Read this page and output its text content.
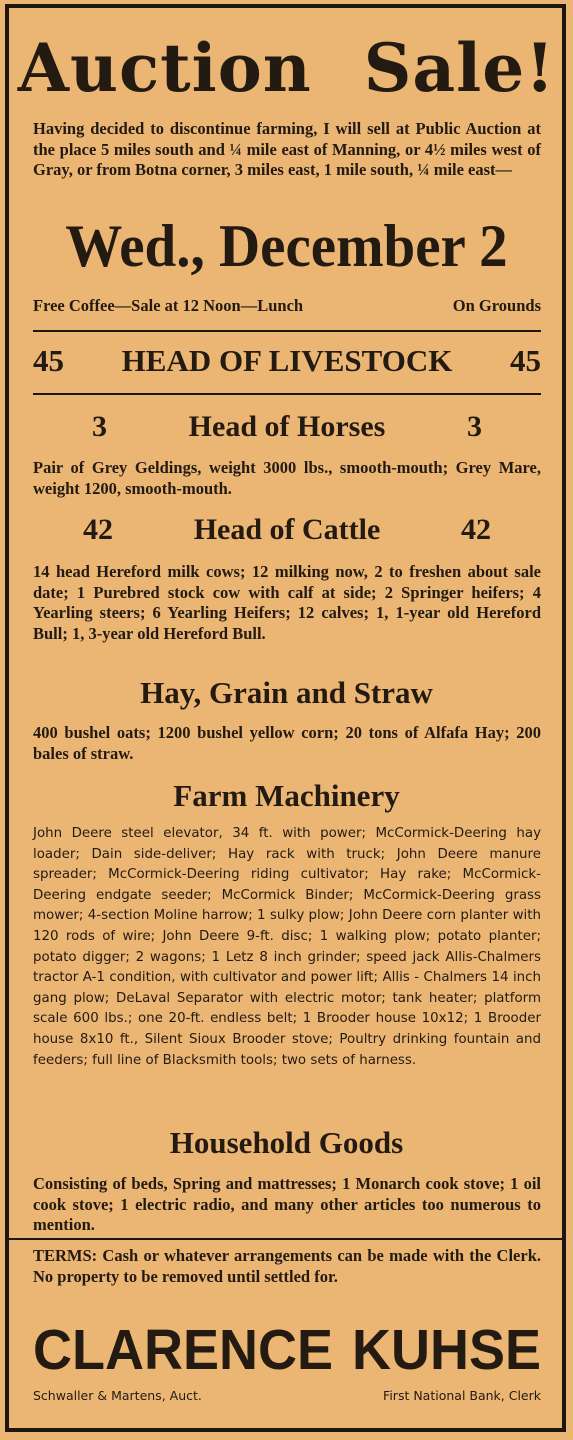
Auction Sale!
Having decided to discontinue farming, I will sell at Public Auction at the place 5 miles south and ¼ mile east of Manning, or 4½ miles west of Gray, or from Botna corner, 3 miles east, 1 mile south, ¼ mile east—
Wed., December 2
Free Coffee—Sale at 12 Noon—Lunch	On Grounds
45 HEAD OF LIVESTOCK 45
3	Head of Horses	3
Pair of Grey Geldings, weight 3000 lbs., smooth-mouth; Grey Mare, weight 1200, smooth-mouth.
42	Head of Cattle	42
14 head Hereford milk cows; 12 milking now, 2 to freshen about sale date; 1 Purebred stock cow with calf at side; 2 Springer heifers; 4 Yearling steers; 6 Yearling Heifers; 12 calves; 1, 1-year old Hereford Bull; 1, 3-year old Hereford Bull.
Hay, Grain and Straw
400 bushel oats; 1200 bushel yellow corn; 20 tons of Alfafa Hay; 200 bales of straw.
Farm Machinery
John Deere steel elevator, 34 ft. with power; McCormick-Deering hay loader; Dain side-deliver; Hay rack with truck; John Deere manure spreader; McCormick-Deering riding cultivator; Hay rake; McCormick-Deering endgate seeder; McCormick Binder; McCormick-Deering grass mower; 4-section Moline harrow; 1 sulky plow; John Deere corn planter with 120 rods of wire; John Deere 9-ft. disc; 1 walking plow; potato planter; potato digger; 2 wagons; 1 Letz 8 inch grinder; speed jack Allis-Chalmers tractor A-1 condition, with cultivator and power lift; Allis - Chalmers 14 inch gang plow; DeLaval Separator with electric motor; tank heater; platform scale 600 lbs.; one 20-ft. endless belt; 1 Brooder house 10x12; 1 Brooder house 8x10 ft., Silent Sioux Brooder stove; Poultry drinking fountain and feeders; full line of Blacksmith tools; two sets of harness.
Household Goods
Consisting of beds, Spring and mattresses; 1 Monarch cook stove; 1 oil cook stove; 1 electric radio, and many other articles too numerous to mention.
TERMS: Cash or whatever arrangements can be made with the Clerk. No property to be removed until settled for.
CLARENCE KUHSE
Schwaller & Martens, Auct.	First National Bank, Clerk
